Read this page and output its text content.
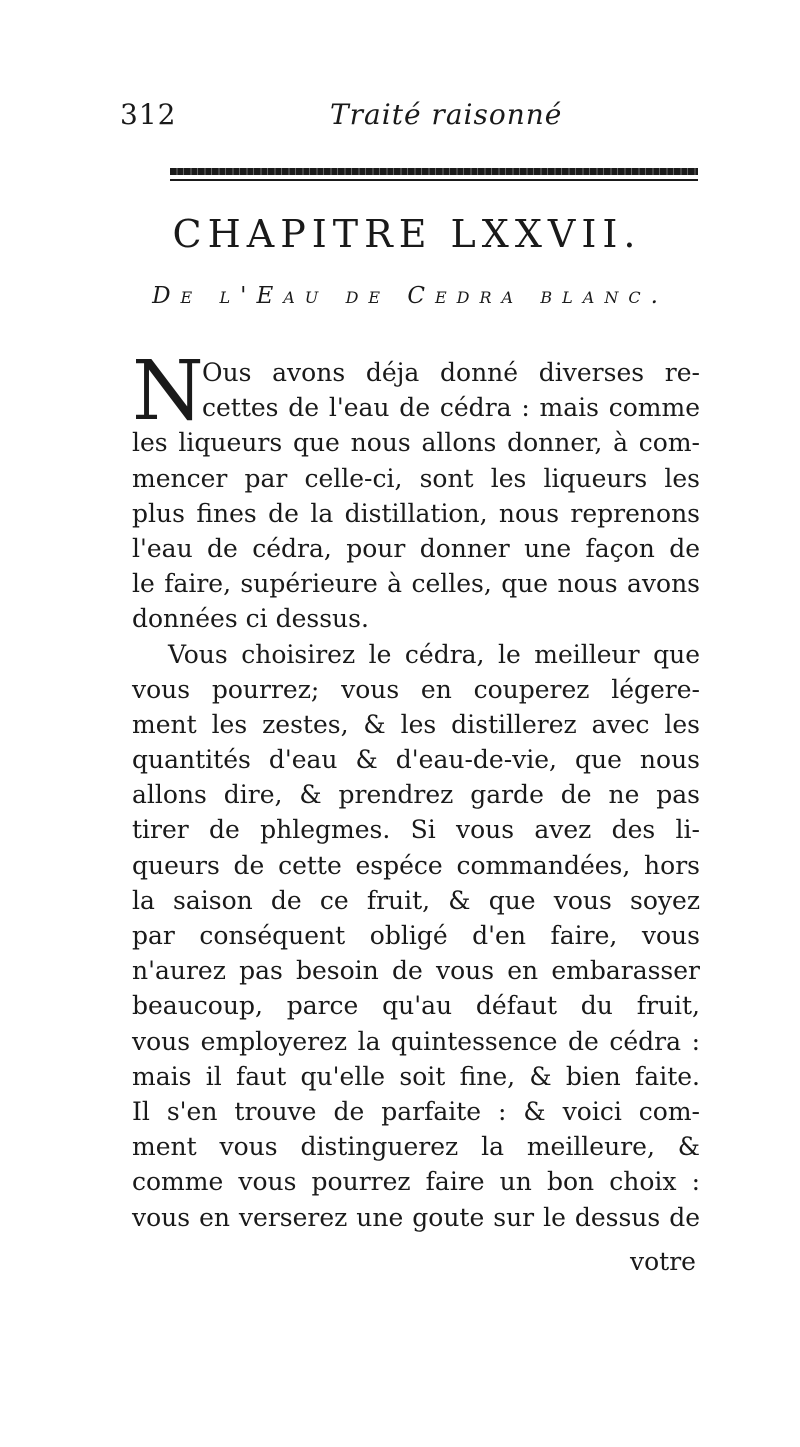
312	Traité raisonné
CHAPITRE LXXVII.
De l'Eau de Cedra blanc.
N
Ous avons déja donné diverses re-
cettes de l'eau de cédra : mais comme
les liqueurs que nous allons donner, à com-
mencer par celle-ci, sont les liqueurs les
plus fines de la distillation, nous reprenons
l'eau de cédra, pour donner une façon de
le faire, supérieure à celles, que nous avons
données ci dessus.
Vous choisirez le cédra, le meilleur que
vous pourrez; vous en couperez légere-
ment les zestes, & les distillerez avec les
quantités d'eau & d'eau-de-vie, que nous
allons dire, & prendrez garde de ne pas
tirer de phlegmes. Si vous avez des li-
queurs de cette espéce commandées, hors
la saison de ce fruit, & que vous soyez
par conséquent obligé d'en faire, vous
n'aurez pas besoin de vous en embarasser
beaucoup, parce qu'au défaut du fruit,
vous employerez la quintessence de cédra :
mais il faut qu'elle soit fine, & bien faite.
Il s'en trouve de parfaite : & voici com-
ment vous distinguerez la meilleure, &
comme vous pourrez faire un bon choix :
vous en verserez une goute sur le dessus de
votre
